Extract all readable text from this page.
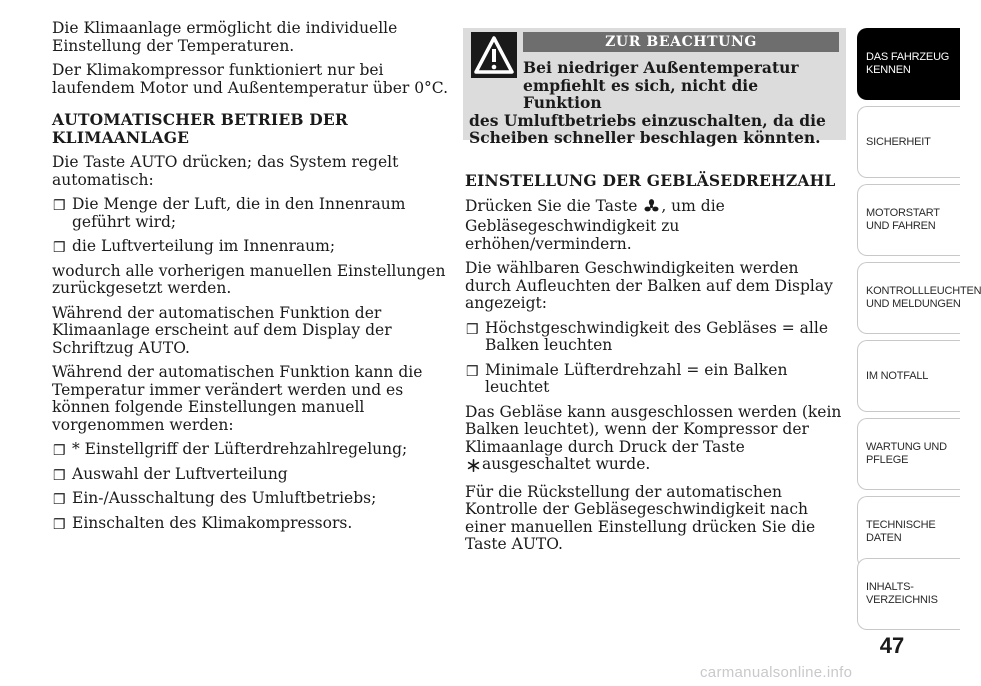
Die Klimaanlage ermöglicht die individuelle Einstellung der Temperaturen.

Der Klimakompressor funktioniert nur bei laufendem Motor und Außentemperatur über 0°C.

AUTOMATISCHER BETRIEB DER KLIMAANLAGE

Die Taste AUTO drücken; das System regelt automatisch:

❒ Die Menge der Luft, die in den Innenraum geführt wird;
❒ die Luftverteilung im Innenraum;

wodurch alle vorherigen manuellen Einstellungen zurückgesetzt werden.

Während der automatischen Funktion der Klimaanlage erscheint auf dem Display der Schriftzug AUTO.

Während der automatischen Funktion kann die Temperatur immer verändert werden und es können folgende Einstellungen manuell vorgenommen werden:

❒ * Einstellgriff der Lüfterdrehzahlregelung;
❒ Auswahl der Luftverteilung
❒ Ein-/Ausschaltung des Umluftbetriebs;
❒ Einschalten des Klimakompressors.
ZUR BEACHTUNG
Bei niedriger Außentemperatur
empfiehlt es sich, nicht die Funktion
des Umluftbetriebs einzuschalten, da die Scheiben schneller beschlagen könnten.
EINSTELLUNG DER GEBLÄSEDREHZAHL

Drücken Sie die Taste , um die Gebläsegeschwindigkeit zu erhöhen/vermindern.

Die wählbaren Geschwindigkeiten werden durch Aufleuchten der Balken auf dem Display angezeigt:

❒ Höchstgeschwindigkeit des Gebläses = alle Balken leuchten
❒ Minimale Lüfterdrehzahl = ein Balken leuchtet

Das Gebläse kann ausgeschlossen werden (kein Balken leuchtet), wenn der Kompressor der Klimaanlage durch Druck der Taste
ausgeschaltet wurde.

Für die Rückstellung der automatischen Kontrolle der Gebläsegeschwindigkeit nach einer manuellen Einstellung drücken Sie die Taste AUTO.

DAS FAHRZEUG KENNEN
SICHERHEIT
MOTORSTART UND FAHREN
KONTROLLLEUCHTEN UND MELDUNGEN
IM NOTFALL
WARTUNG UND PFLEGE
TECHNISCHE DATEN
INHALTS-VERZEICHNIS
47
carmanualsonline.info
